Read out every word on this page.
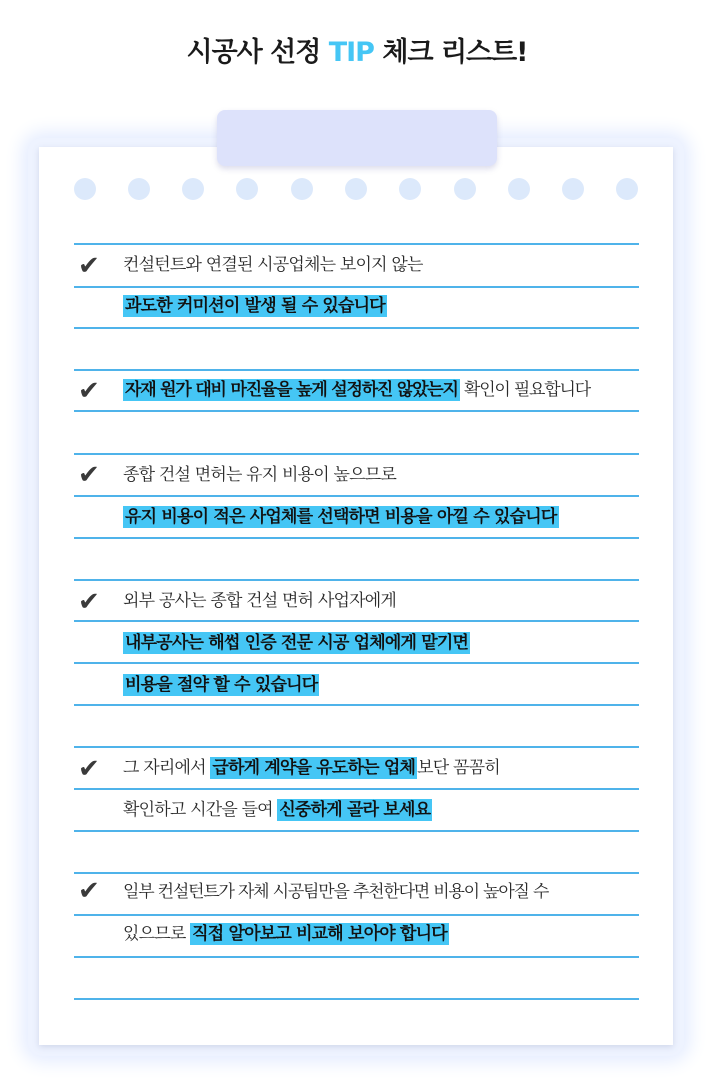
시공사 선정 TIP 체크 리스트!
✔ 컨설턴트와 연결된 시공업체는 보이지 않는
과도한 커미션이 발생 될 수 있습니다
✔ 자재 원가 대비 마진율을 높게 설정하진 않았는지 확인이 필요합니다
✔ 종합 건설 면허는 유지 비용이 높으므로
유지 비용이 적은 사업체를 선택하면 비용을 아낄 수 있습니다
✔ 외부 공사는 종합 건설 면허 사업자에게
내부공사는 해썹 인증 전문 시공 업체에게 맡기면
비용을 절약 할 수 있습니다
✔ 그 자리에서 급하게 계약을 유도하는 업체 보단 꼼꼼히
확인하고 시간을 들여 신중하게 골라 보세요
✔ 일부 컨설턴트가 자체 시공팀만을 추천한다면 비용이 높아질 수
있으므로 직접 알아보고 비교해 보아야 합니다
